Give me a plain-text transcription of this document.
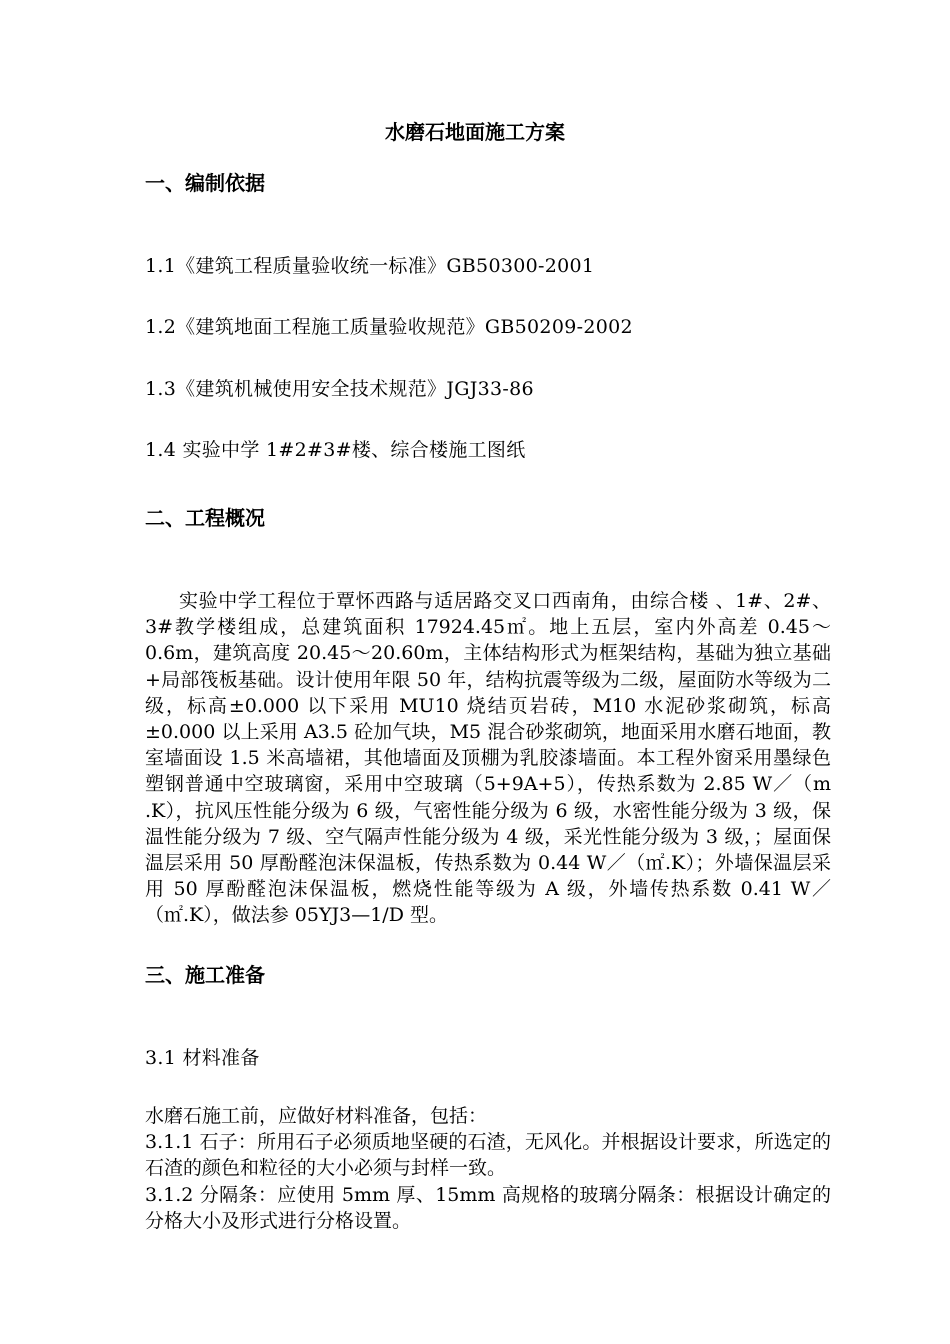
水磨石地面施工方案
一、编制依据
1.1《建筑工程质量验收统一标准》GB50300-2001
1.2《建筑地面工程施工质量验收规范》GB50209-2002
1.3《建筑机械使用安全技术规范》JGJ33-86
1.4 实验中学 1#2#3#楼、综合楼施工图纸
二、工程概况
实验中学工程位于覃怀西路与适居路交叉口西南角，由综合楼 、1#、2#、3#教学楼组成，总建筑面积 17924.45㎡。地上五层，室内外高差 0.45～0.6m，建筑高度 20.45～20.60m，主体结构形式为框架结构，基础为独立基础+局部筏板基础。设计使用年限 50 年，结构抗震等级为二级，屋面防水等级为二级，标高±0.000 以下采用 MU10 烧结页岩砖，M10 水泥砂浆砌筑，标高±0.000 以上采用 A3.5 砼加气块，M5 混合砂浆砌筑，地面采用水磨石地面，教室墙面设 1.5 米高墙裙，其他墙面及顶棚为乳胶漆墙面。本工程外窗采用墨绿色塑钢普通中空玻璃窗，采用中空玻璃（5+9A+5），传热系数为 2.85 W／（m .K），抗风压性能分级为 6 级，气密性能分级为 6 级，水密性能分级为 3 级，保温性能分级为 7 级、空气隔声性能分级为 4 级，采光性能分级为 3 级，；屋面保温层采用 50 厚酚醛泡沫保温板，传热系数为 0.44 W／（㎡.K）；外墙保温层采用 50 厚酚醛泡沫保温板，燃烧性能等级为 A 级，外墙传热系数 0.41 W／（㎡.K），做法参 05YJ3—1/D 型。
三、施工准备
3.1 材料准备

水磨石施工前，应做好材料准备，包括：

3.1.1 石子：所用石子必须质地坚硬的石渣，无风化。并根据设计要求，所选定的石渣的颜色和粒径的大小必须与封样一致。

3.1.2 分隔条：应使用 5mm 厚、15mm 高规格的玻璃分隔条：根据设计确定的分格大小及形式进行分格设置。
